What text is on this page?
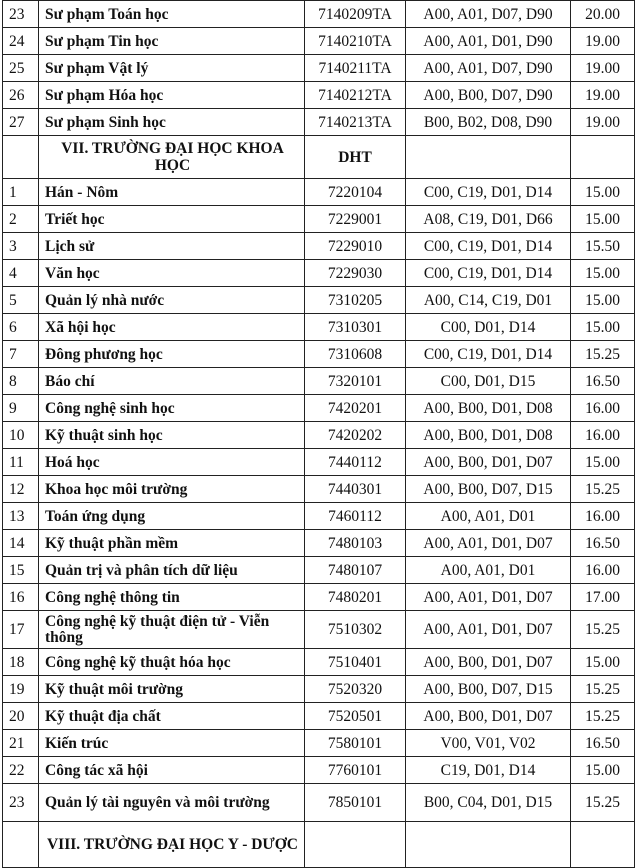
23	Sư phạm Toán học	7140209TA	A00, A01, D07, D90	20.00
24	Sư phạm Tin học	7140210TA	A00, A01, D01, D90	19.00
25	Sư phạm Vật lý	7140211TA	A00, A01, D07, D90	19.00
26	Sư phạm Hóa học	7140212TA	A00, B00, D07, D90	19.00
27	Sư phạm Sinh học	7140213TA	B00, B02, D08, D90	19.00
	VII. TRƯỜNG ĐẠI HỌC KHOA HỌC	DHT		
1	Hán - Nôm	7220104	C00, C19, D01, D14	15.00
2	Triết học	7229001	A08, C19, D01, D66	15.00
3	Lịch sử	7229010	C00, C19, D01, D14	15.50
4	Văn học	7229030	C00, C19, D01, D14	15.00
5	Quản lý nhà nước	7310205	A00, C14, C19, D01	15.00
6	Xã hội học	7310301	C00, D01, D14	15.00
7	Đông phương học	7310608	C00, C19, D01, D14	15.25
8	Báo chí	7320101	C00, D01, D15	16.50
9	Công nghệ sinh học	7420201	A00, B00, D01, D08	16.00
10	Kỹ thuật sinh học	7420202	A00, B00, D01, D08	16.00
11	Hoá học	7440112	A00, B00, D01, D07	15.00
12	Khoa học môi trường	7440301	A00, B00, D07, D15	15.25
13	Toán ứng dụng	7460112	A00, A01, D01	16.00
14	Kỹ thuật phần mềm	7480103	A00, A01, D01, D07	16.50
15	Quản trị và phân tích dữ liệu	7480107	A00, A01, D01	16.00
16	Công nghệ thông tin	7480201	A00, A01, D01, D07	17.00
17	Công nghệ kỹ thuật điện tử - Viễn thông	7510302	A00, A01, D01, D07	15.25
18	Công nghệ kỹ thuật hóa học	7510401	A00, B00, D01, D07	15.00
19	Kỹ thuật môi trường	7520320	A00, B00, D07, D15	15.25
20	Kỹ thuật địa chất	7520501	A00, B00, D01, D07	15.25
21	Kiến trúc	7580101	V00, V01, V02	16.50
22	Công tác xã hội	7760101	C19, D01, D14	15.00
23	Quản lý tài nguyên và môi trường	7850101	B00, C04, D01, D15	15.25
	VIII. TRƯỜNG ĐẠI HỌC Y - DƯỢC			
